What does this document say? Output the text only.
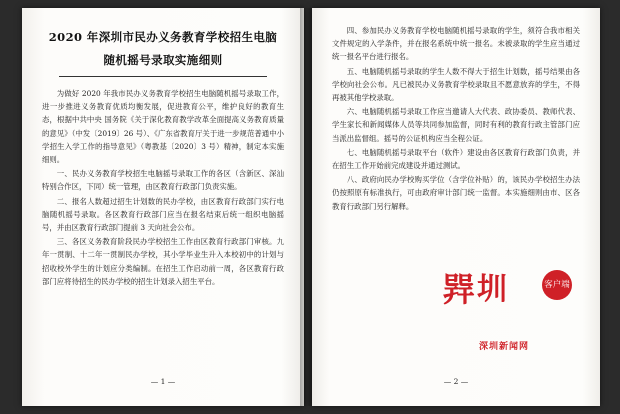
2020 年深圳市民办义务教育学校招生电脑
随机摇号录取实施细则

为做好 2020 年我市民办义务教育学校招生电脑随机摇号录取工作，进一步推进义务教育优质均衡发展，促进教育公平，维护良好的教育生态，根据中共中央 国务院《关于深化教育教学改革全面提高义务教育质量的意见》（中发〔2019〕26 号）、《广东省教育厅关于进一步规范普通中小学招生入学工作的指导意见》（粤教基〔2020〕3 号）精神，制定本实施细则。

一、民办义务教育学校招生电脑摇号录取工作的各区（含新区、深汕特别合作区，下同）统一管理，由区教育行政部门负责实施。

二、报名人数超过招生计划数的民办学校，由区教育行政部门实行电脑随机摇号录取。各区教育行政部门应当在报名结束后统一组织电脑摇号，并由区教育行政部门提前 3 天向社会公布。

三、各区义务教育阶段民办学校招生工作由区教育行政部门审核。九年一贯制、十二年一贯制民办学校，其小学毕业生升入本校初中的计划与招收校外学生的计划应分类编制。在招生工作启动前一周，各区教育行政部门应将待招生的民办学校的招生计划录入招生平台。

— 1 —

四、参加民办义务教育学校电脑随机摇号录取的学生，须符合我市相关文件规定的入学条件，并在报名系统中统一报名。未被录取的学生应当通过统一报名平台进行报名。

五、电脑随机摇号录取的学生人数不得大于招生计划数，摇号结果由各学校向社会公布。凡已被民办义务教育学校录取且不愿意放弃的学生，不得再被其他学校录取。

六、电脑随机摇号录取工作应当邀请人大代表、政协委员、教师代表、学生家长和新闻媒体人员等共同参加监督，同时有利的教育行政主管部门应当派出监督组。摇号的公证机构应当全程公证。

七、电脑随机摇号录取平台（软件）建设由各区教育行政部门负责，并在招生工作开始前完成建设并通过测试。

八、政府向民办学校购买学位（含学位补贴）的，该民办学校招生办法仍按照原有标准执行，可由政府审计部门统一监督。本实施细则由市、区各教育行政部门另行解释。

𢁅 圳	客户端
深圳新闻网
— 2 —
